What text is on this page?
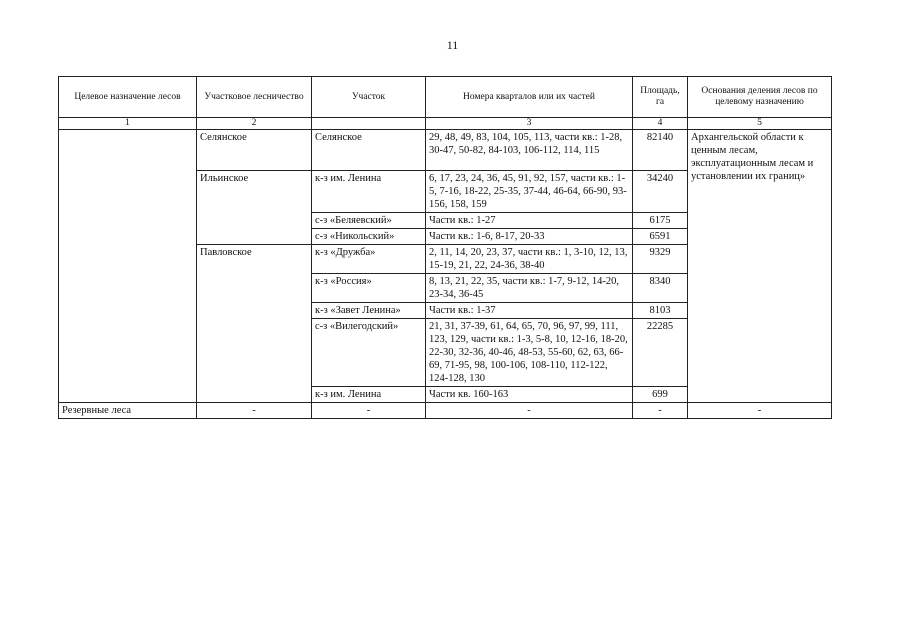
11
Целевое назначение лесов	Участковое лесничество	Участок	Номера кварталов или их частей	Площадь, га	Основания деления лесов по целевому назначению
1	2		3	4	5
	Селянское	Селянское	29, 48, 49, 83, 104, 105, 113, части кв.: 1-28, 30-47, 50-82, 84-103, 106-112, 114, 115	82140	Архангельской области к ценным лесам, эксплуатационным лесам и установлении их границ»
	Ильинское	к-з им. Ленина	6, 17, 23, 24, 36, 45, 91, 92, 157, части кв.: 1-5, 7-16, 18-22, 25-35, 37-44, 46-64, 66-90, 93-156, 158, 159	34240	
		с-з «Беляевский»	Части кв.: 1-27	6175	
		с-з «Никольский»	Части кв.: 1-6, 8-17, 20-33	6591	
	Павловское	к-з «Дружба»	2, 11, 14, 20, 23, 37, части кв.: 1, 3-10, 12, 13, 15-19, 21, 22, 24-36, 38-40	9329	
		к-з «Россия»	8, 13, 21, 22, 35, части кв.: 1-7, 9-12, 14-20, 23-34, 36-45	8340	
		к-з «Завет Ленина»	Части кв.: 1-37	8103	
		с-з «Вилегодский»	21, 31, 37-39, 61, 64, 65, 70, 96, 97, 99, 111, 123, 129, части кв.: 1-3, 5-8, 10, 12-16, 18-20, 22-30, 32-36, 40-46, 48-53, 55-60, 62, 63, 66-69, 71-95, 98, 100-106, 108-110, 112-122, 124-128, 130	22285	
		к-з им. Ленина	Части кв. 160-163	699	
Резервные леса	-	-	-	-	-
